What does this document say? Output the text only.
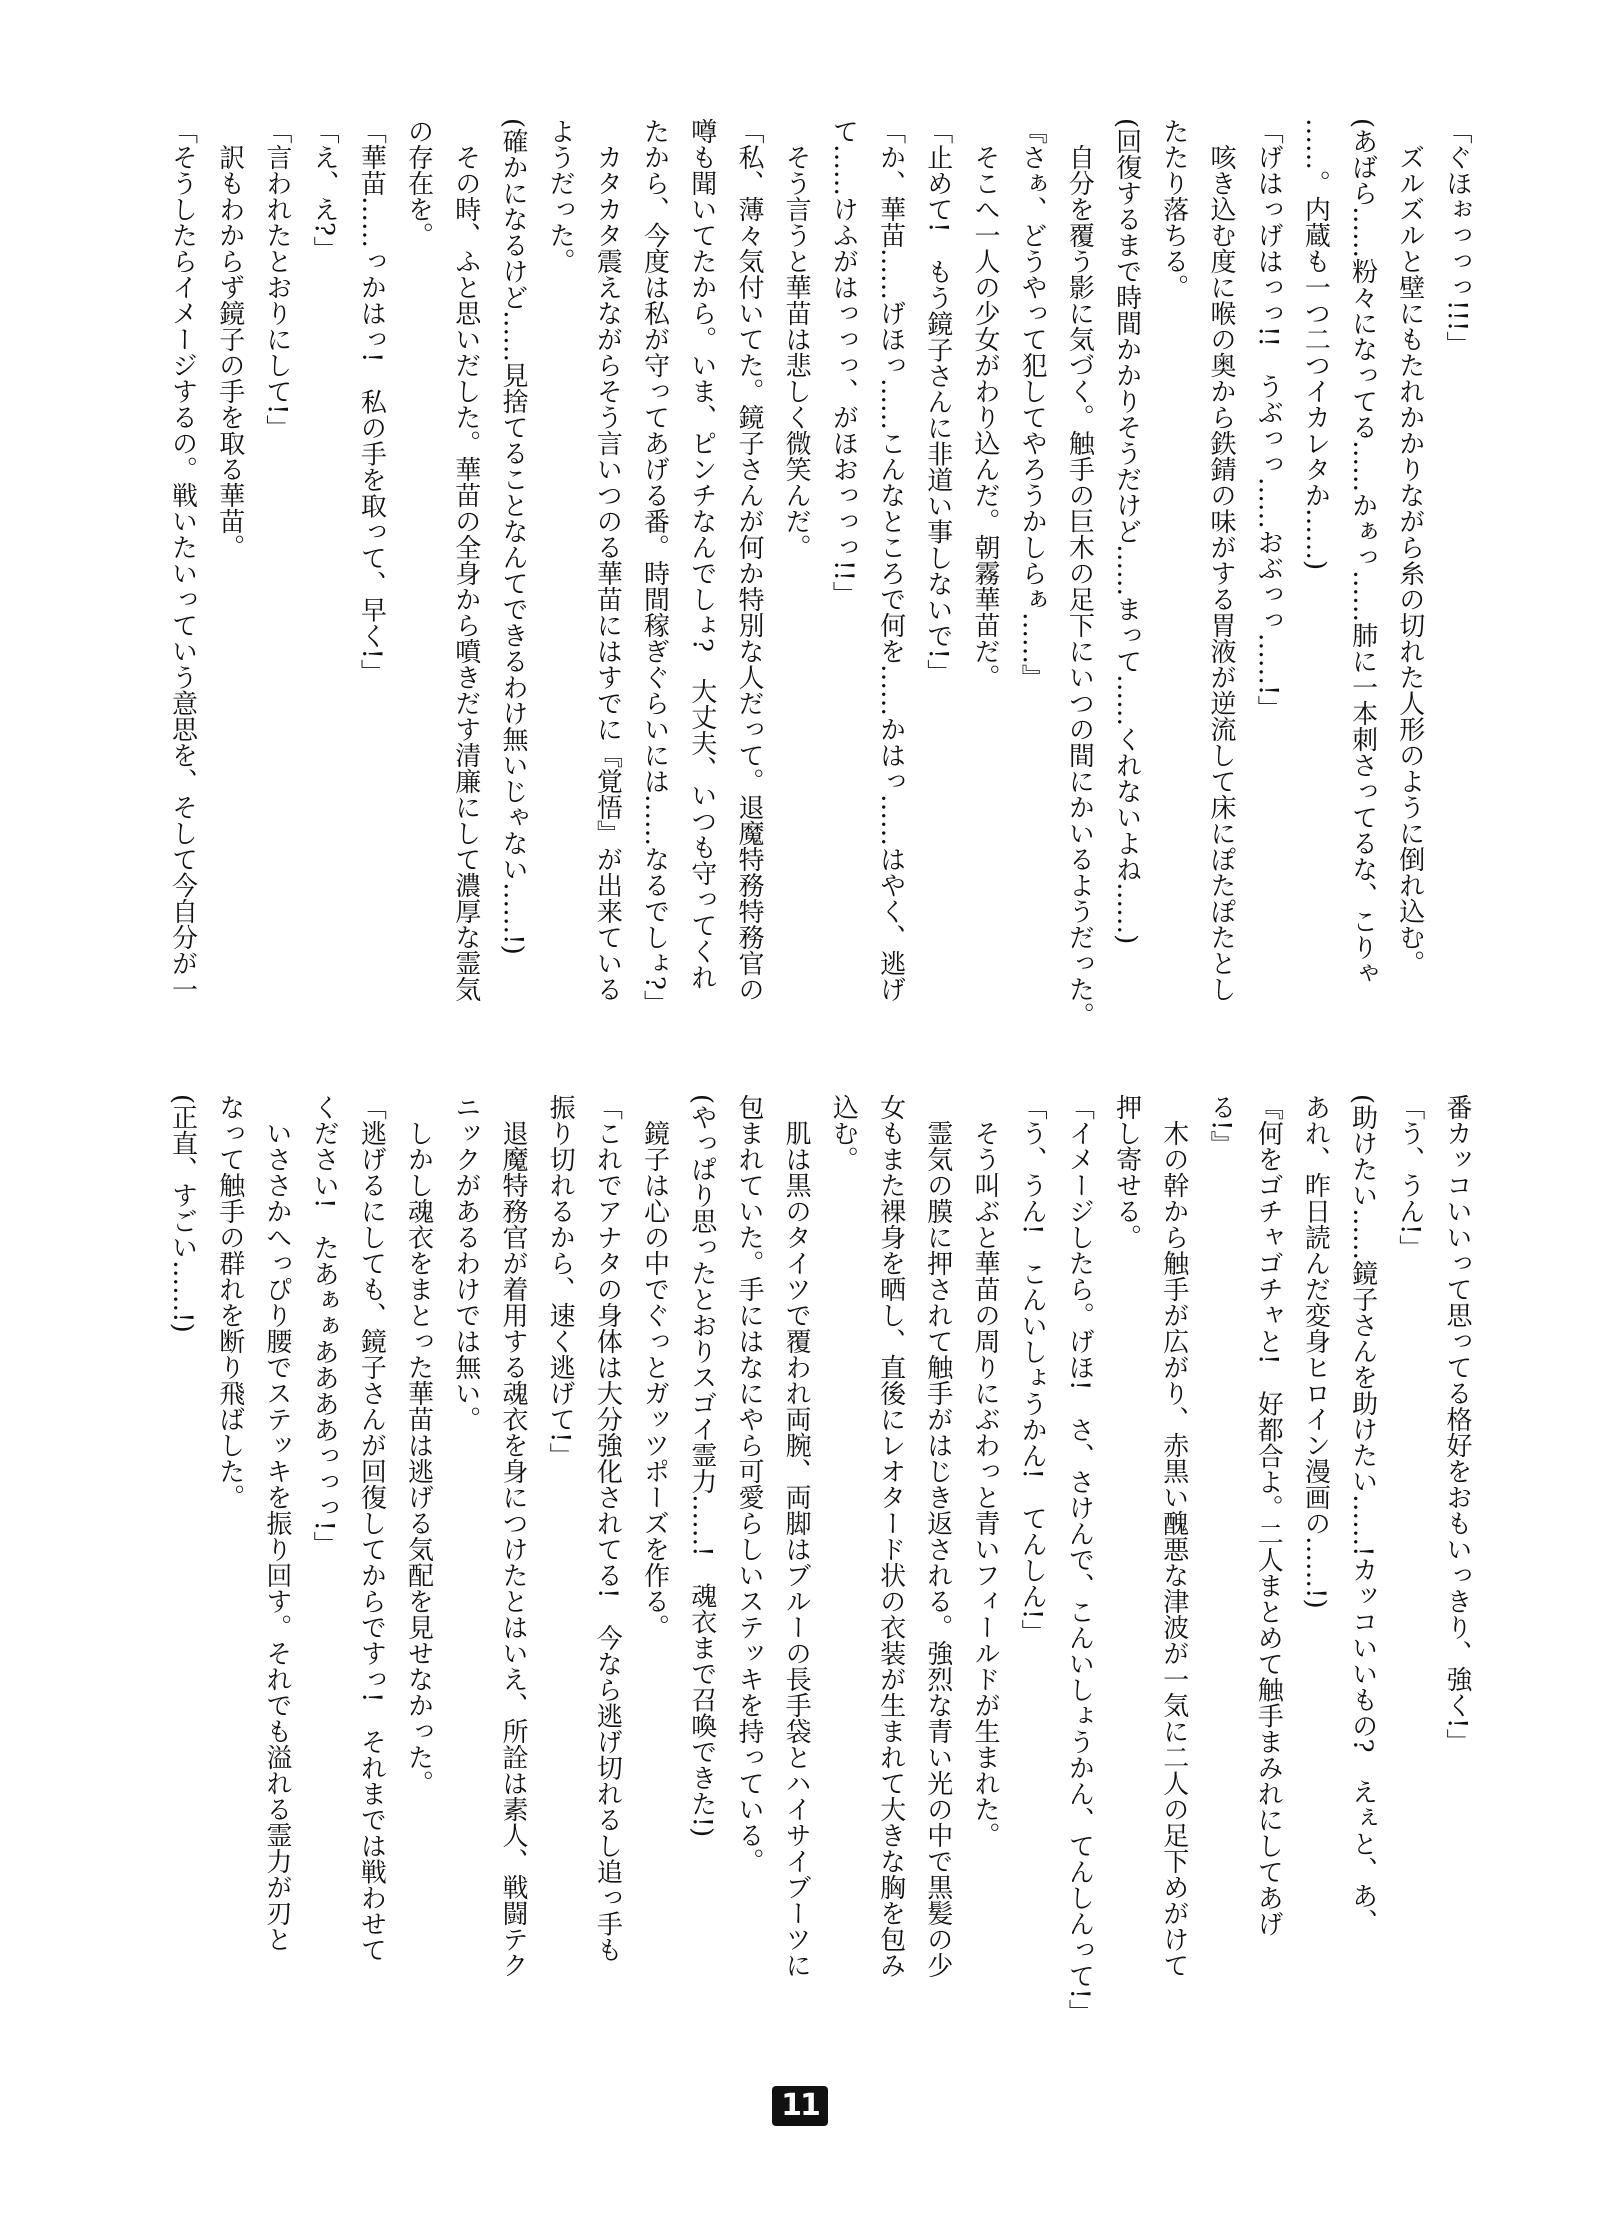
「ぐほぉっっっ!!!」
　ズルズルと壁にもたれかかりながら糸の切れた人形のように倒れ込む。
(あばら……粉々になってる……かぁっ……肺に一本刺さってるな、こりゃ
……。内蔵も一つ二つイカレタか……)
「げはっげはっっ!!　うぶっっ……おぶっっ……!」
　咳き込む度に喉の奥から鉄錆の味がする胃液が逆流して床にぽたぽたとし
たたり落ちる。
(回復するまで時間かかりそうだけど……まって……くれないよね……)
　自分を覆う影に気づく。触手の巨木の足下にいつの間にかいるようだった。
『さぁ、どうやって犯してやろうかしらぁ……』
　そこへ一人の少女がわり込んだ。朝霧華苗だ。
「止めて!　もう鏡子さんに非道い事しないで!」
「か、華苗……げほっ……こんなところで何を……かはっ……はやく、逃げ
て……けふがはっっっ、がほおっっっ!!」
　そう言うと華苗は悲しく微笑んだ。
「私、薄々気付いてた。鏡子さんが何か特別な人だって。退魔特務特務官の
噂も聞いてたから。いま、ピンチなんでしょ?　大丈夫、いつも守ってくれ
たから、今度は私が守ってあげる番。時間稼ぎぐらいには……なるでしょ?」
　カタカタ震えながらそう言いつのる華苗にはすでに『覚悟』が出来ている
ようだった。
(確かになるけど……見捨てることなんてできるわけ無いじゃない……!)
　その時、ふと思いだした。華苗の全身から噴きだす清廉にして濃厚な霊気
の存在を。
「華苗……っかはっ!　私の手を取って、早く!」
「え、え?」
「言われたとおりにして!」
　訳もわからず鏡子の手を取る華苗。
「そうしたらイメージするの。戦いたいっていう意思を、そして今自分が一
番カッコいいって思ってる格好をおもいっきり、強く!」
「う、うん!」
(助けたい……鏡子さんを助けたい……!カッコいいもの?　えぇと、あ、
あれ、昨日読んだ変身ヒロイン漫画の……!)
『何をゴチャゴチャと!　好都合よ。二人まとめて触手まみれにしてあげ
る!』
　木の幹から触手が広がり、赤黒い醜悪な津波が一気に二人の足下めがけて
押し寄せる。
「イメージしたら。げほ!　さ、さけんで、こんいしょうかん、てんしんって!」
「う、うん!　こんいしょうかん!　てんしん!」
　そう叫ぶと華苗の周りにぶわっと青いフィールドが生まれた。
　霊気の膜に押されて触手がはじき返される。強烈な青い光の中で黒髪の少
女もまた裸身を晒し、直後にレオタード状の衣装が生まれて大きな胸を包み
込む。
　肌は黒のタイツで覆われ両腕、両脚はブルーの長手袋とハイサイブーツに
包まれていた。手にはなにやら可愛らしいステッキを持っている。
(やっぱり思ったとおりスゴイ霊力……!　魂衣まで召喚できた!)
　鏡子は心の中でぐっとガッツポーズを作る。
「これでアナタの身体は大分強化されてる!　今なら逃げ切れるし追っ手も
振り切れるから、速く逃げて!」
　退魔特務官が着用する魂衣を身につけたとはいえ、所詮は素人、戦闘テク
ニックがあるわけでは無い。
　しかし魂衣をまとった華苗は逃げる気配を見せなかった。
「逃げるにしても、鏡子さんが回復してからですっ!　それまでは戦わせて
ください!　たあぁぁああああっっっ!」
　いささかへっぴり腰でステッキを振り回す。それでも溢れる霊力が刃と
なって触手の群れを断り飛ばした。
(正直、すごい……!)
11
